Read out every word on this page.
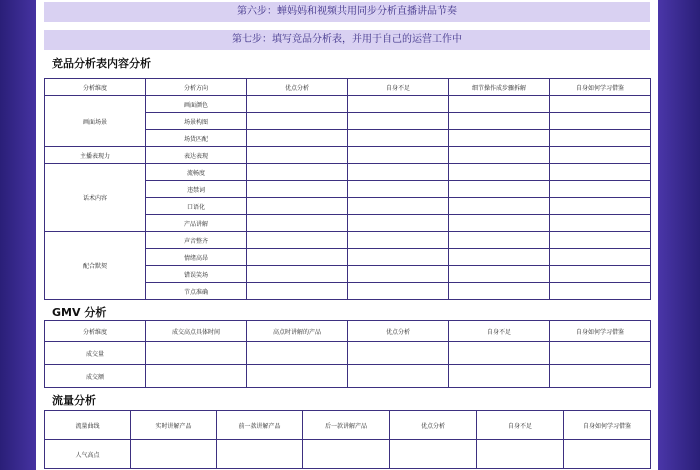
第六步：蝉妈妈和视频共用同步分析直播讲品节奏
第七步：填写竞品分析表，并用于自己的运营工作中
竞品分析表内容分析
分析维度	分析方向	优点分析	自身不足	细节操作成步骤拆解	自身如何学习借鉴
画面场景	画面颜色				
	场景构图				
	场货匹配				
主播表现力	表达表现				
话术内容	流畅度				
	违禁词				
	口语化				
	产品讲解				
配合默契	声音整齐				
	情绪高昂				
	错误笑场				
	节点准确				
GMV 分析
分析维度	成交高点具体时间	高点时讲解的产品	优点分析	自身不足	自身如何学习借鉴
成交量					
成交额					
流量分析
流量曲线	实时讲解产品	前一款讲解产品	后一款讲解产品	优点分析	自身不足	自身如何学习借鉴
人气高点						
